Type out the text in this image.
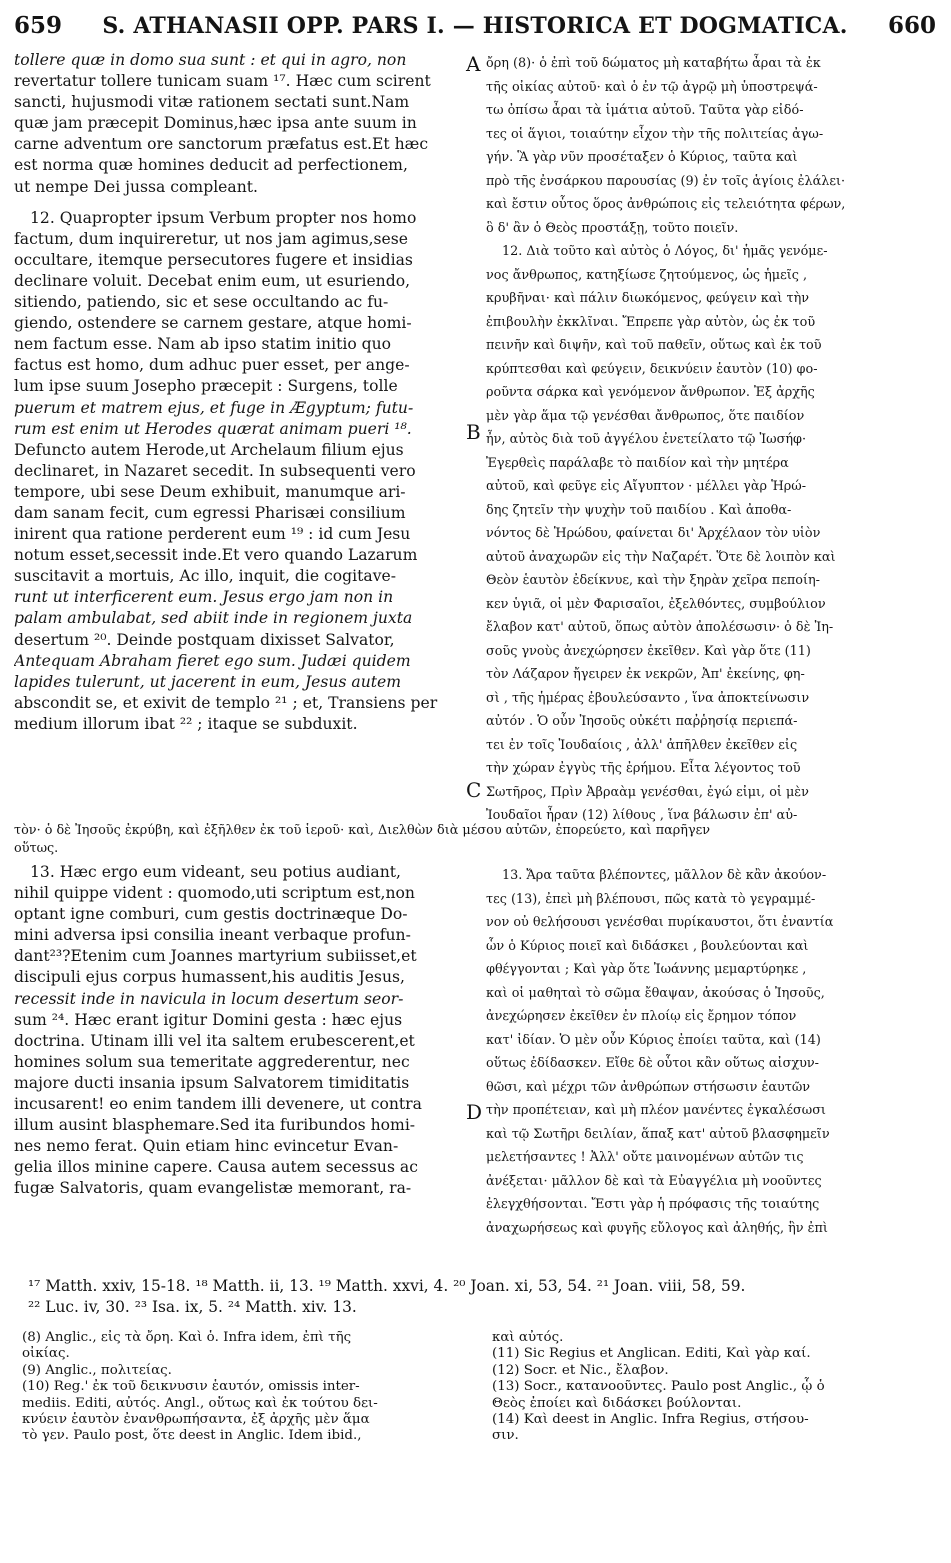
659	S. ATHANASII OPP. PARS I. — HISTORICA ET DOGMATICA.	660

tollere quæ in domo sua sunt : et qui in agro, non

revertatur tollere tunicam suam ¹⁷. Hæc cum scirent

sancti, hujusmodi vitæ rationem sectati sunt.Nam

quæ jam præcepit Dominus,hæc ipsa ante suum in

carne adventum ore sanctorum præfatus est.Et hæc

est norma quæ homines deducit ad perfectionem,

ut nempe Dei jussa compleant.

12. Quapropter ipsum Verbum propter nos homo

factum, dum inquireretur, ut nos jam agimus,sese

occultare, itemque persecutores fugere et insidias

declinare voluit. Decebat enim eum, ut esuriendo,

sitiendo, patiendo, sic et sese occultando ac fu-

giendo, ostendere se carnem gestare, atque homi-

nem factum esse. Nam ab ipso statim initio quo

factus est homo, dum adhuc puer esset, per ange-

lum ipse suum Josepho præcepit : Surgens, tolle

puerum et matrem ejus, et fuge in Ægyptum; futu-

rum est enim ut Herodes quærat animam pueri ¹⁸.

Defuncto autem Herode,ut Archelaum filium ejus

declinaret, in Nazaret secedit. In subsequenti vero

tempore, ubi sese Deum exhibuit, manumque ari-

dam sanam fecit, cum egressi Pharisæi consilium

inirent qua ratione perderent eum ¹⁹ : id cum Jesu

notum esset,secessit inde.Et vero quando Lazarum

suscitavit a mortuis, Ac illo, inquit, die cogitave-

runt ut interficerent eum. Jesus ergo jam non in

palam ambulabat, sed abiit inde in regionem juxta

desertum ²⁰. Deinde postquam dixisset Salvator,

Antequam Abraham fieret ego sum. Judæi quidem

lapides tulerunt, ut jacerent in eum, Jesus autem

abscondit se, et exivit de templo ²¹ ; et, Transiens per

medium illorum ibat ²² ; itaque se subduxit.

ὄρη (8)· ὁ ἐπὶ τοῦ δώματος μὴ καταβήτω ἆραι τὰ ἐκ

τῆς οἰκίας αὐτοῦ· καὶ ὁ ἐν τῷ ἀγρῷ μὴ ὑποστρεψά-

τω ὀπίσω ἆραι τὰ ἱμάτια αὐτοῦ. Ταῦτα γὰρ εἰδό-

τες οἱ ἅγιοι, τοιαύτην εἶχον τὴν τῆς πολιτείας ἀγω-

γήν. Ἃ γὰρ νῦν προσέταξεν ὁ Κύριος, ταῦτα καὶ

πρὸ τῆς ἐνσάρκου παρουσίας (9) ἐν τοῖς ἁγίοις ἐλάλει·

καὶ ἔστιν οὗτος ὅρος ἀνθρώποις εἰς τελειότητα φέρων,

ὃ δ' ἂν ὁ Θεὸς προστάξῃ, τοῦτο ποιεῖν.

12. Διὰ τοῦτο καὶ αὐτὸς ὁ Λόγος, δι' ἡμᾶς γενόμε-

νος ἄνθρωπος, κατηξίωσε ζητούμενος, ὡς ἡμεῖς ,

κρυβῆναι· καὶ πάλιν διωκόμενος, φεύγειν καὶ τὴν

ἐπιβουλὴν ἐκκλῖναι. Ἔπρεπε γὰρ αὐτὸν, ὡς ἐκ τοῦ

πεινῆν καὶ διψῆν, καὶ τοῦ παθεῖν, οὕτως καὶ ἐκ τοῦ

κρύπτεσθαι καὶ φεύγειν, δεικνύειν ἑαυτὸν (10) φο-

ροῦντα σάρκα καὶ γενόμενον ἄνθρωπον. Ἐξ ἀρχῆς

μὲν γὰρ ἅμα τῷ γενέσθαι ἄνθρωπος, ὅτε παιδίον

ἦν, αὐτὸς διὰ τοῦ ἀγγέλου ἐνετείλατο τῷ Ἰωσήφ·

Ἐγερθεὶς παράλαβε τὸ παιδίον καὶ τὴν μητέρα

αὐτοῦ, καὶ φεῦγε εἰς Αἴγυπτον · μέλλει γὰρ Ἡρώ-

δης ζητεῖν τὴν ψυχὴν τοῦ παιδίου . Καὶ ἀποθα-

νόντος δὲ Ἡρώδου, φαίνεται δι' Ἀρχέλαον τὸν υἱὸν

αὐτοῦ ἀναχωρῶν εἰς τὴν Ναζαρέτ. Ὅτε δὲ λοιπὸν καὶ

Θεὸν ἑαυτὸν ἐδείκνυε, καὶ τὴν ξηρὰν χεῖρα πεποίη-

κεν ὑγιᾶ, οἱ μὲν Φαρισαῖοι, ἐξελθόντες, συμβούλιον

ἔλαβον κατ' αὐτοῦ, ὅπως αὐτὸν ἀπολέσωσιν· ὁ δὲ Ἰη-

σοῦς γνοὺς ἀνεχώρησεν ἐκεῖθεν. Καὶ γὰρ ὅτε (11)

τὸν Λάζαρον ἤγειρεν ἐκ νεκρῶν, Ἀπ' ἐκείνης, φη-

σὶ , τῆς ἡμέρας ἐβουλεύσαντο , ἵνα ἀποκτείνωσιν

αὐτόν . Ὁ οὖν Ἰησοῦς οὐκέτι παῤῥησίᾳ περιεπά-

τει ἐν τοῖς Ἰουδαίοις , ἀλλ' ἀπῆλθεν ἐκεῖθεν εἰς

τὴν χώραν ἐγγὺς τῆς ἐρήμου. Εἶτα λέγοντος τοῦ

Σωτῆρος, Πρὶν Ἀβραὰμ γενέσθαι, ἐγώ εἰμι, οἱ μὲν

Ἰουδαῖοι ἦραν (12) λίθους , ἵνα βάλωσιν ἐπ' αὐ-

A
B
C
D

τὸν· ὁ δὲ Ἰησοῦς ἐκρύβη, καὶ ἐξῆλθεν ἐκ τοῦ ἱεροῦ· καὶ, Διελθὼν διὰ μέσου αὐτῶν, ἐπορεύετο, καὶ παρῆγεν

οὕτως.

13. Hæc ergo eum videant, seu potius audiant,

nihil quippe vident : quomodo,uti scriptum est,non

optant igne comburi, cum gestis doctrinæque Do-

mini adversa ipsi consilia ineant verbaque profun-

dant²³?Etenim cum Joannes martyrium subiisset,et

discipuli ejus corpus humassent,his auditis Jesus,

recessit inde in navicula in locum desertum seor-

sum ²⁴. Hæc erant igitur Domini gesta : hæc ejus

doctrina. Utinam illi vel ita saltem erubescerent,et

homines solum sua temeritate aggrederentur, nec

majore ducti insania ipsum Salvatorem timiditatis

incusarent! eo enim tandem illi devenere, ut contra

illum ausint blasphemare.Sed ita furibundos homi-

nes nemo ferat. Quin etiam hinc evincetur Evan-

gelia illos minine capere. Causa autem secessus ac

fugæ Salvatoris, quam evangelistæ memorant, ra-

13. Ἄρα ταῦτα βλέποντες, μᾶλλον δὲ κἂν ἀκούον-

τες (13), ἐπεὶ μὴ βλέπουσι, πῶς κατὰ τὸ γεγραμμέ-

νον οὐ θελήσουσι γενέσθαι πυρίκαυστοι, ὅτι ἐναντία

ὧν ὁ Κύριος ποιεῖ καὶ διδάσκει , βουλεύονται καὶ

φθέγγονται ; Καὶ γὰρ ὅτε Ἰωάννης μεμαρτύρηκε ,

καὶ οἱ μαθηταὶ τὸ σῶμα ἔθαψαν, ἀκούσας ὁ Ἰησοῦς,

ἀνεχώρησεν ἐκεῖθεν ἐν πλοίῳ εἰς ἔρημον τόπον

κατ' ἰδίαν. Ὁ μὲν οὖν Κύριος ἐποίει ταῦτα, καὶ (14)

οὕτως ἐδίδασκεν. Εἴθε δὲ οὗτοι κἂν οὕτως αἰσχυν-

θῶσι, καὶ μέχρι τῶν ἀνθρώπων στήσωσιν ἑαυτῶν

τὴν προπέτειαν, καὶ μὴ πλέον μανέντες ἐγκαλέσωσι

καὶ τῷ Σωτῆρι δειλίαν, ἅπαξ κατ' αὐτοῦ βλασφημεῖν

μελετήσαντες ! Ἀλλ' οὔτε μαινομένων αὐτῶν τις

ἀνέξεται· μᾶλλον δὲ καὶ τὰ Εὐαγγέλια μὴ νοοῦντες

ἐλεγχθήσονται. Ἔστι γὰρ ἡ πρόφασις τῆς τοιαύτης

ἀναχωρήσεως καὶ φυγῆς εὔλογος καὶ ἀληθής, ἣν ἐπὶ

¹⁷ Matth. xxiv, 15-18. ¹⁸ Matth. ii, 13. ¹⁹ Matth. xxvi, 4. ²⁰ Joan. xi, 53, 54. ²¹ Joan. viii, 58, 59.

²² Luc. iv, 30. ²³ Isa. ix, 5. ²⁴ Matth. xiv. 13.

(8) Anglic., εἰς τὰ ὄρη. Καὶ ὁ. Infra idem, ἐπὶ τῆς

οἰκίας.

(9) Anglic., πολιτείας.

(10) Reg.' ἐκ τοῦ δεικνυσιν ἑαυτόν, omissis inter-

mediis. Editi, αὐτός. Angl., οὕτως καὶ ἐκ τούτου δει-

κνύειν ἑαυτὸν ἐνανθρωπήσαντα, ἐξ ἀρχῆς μὲν ἅμα

τὸ γεν. Paulo post, ὅτε deest in Anglic. Idem ibid.,

καὶ αὐτός.

(11) Sic Regius et Anglican. Editi, Καὶ γὰρ καί.

(12) Socr. et Nic., ἔλαβον.

(13) Socr., κατανοοῦντες. Paulo post Anglic., ᾧ ὁ

Θεὸς ἐποίει καὶ διδάσκει βούλονται.

(14) Καὶ deest in Anglic. Infra Regius, στήσου-

σιν.
